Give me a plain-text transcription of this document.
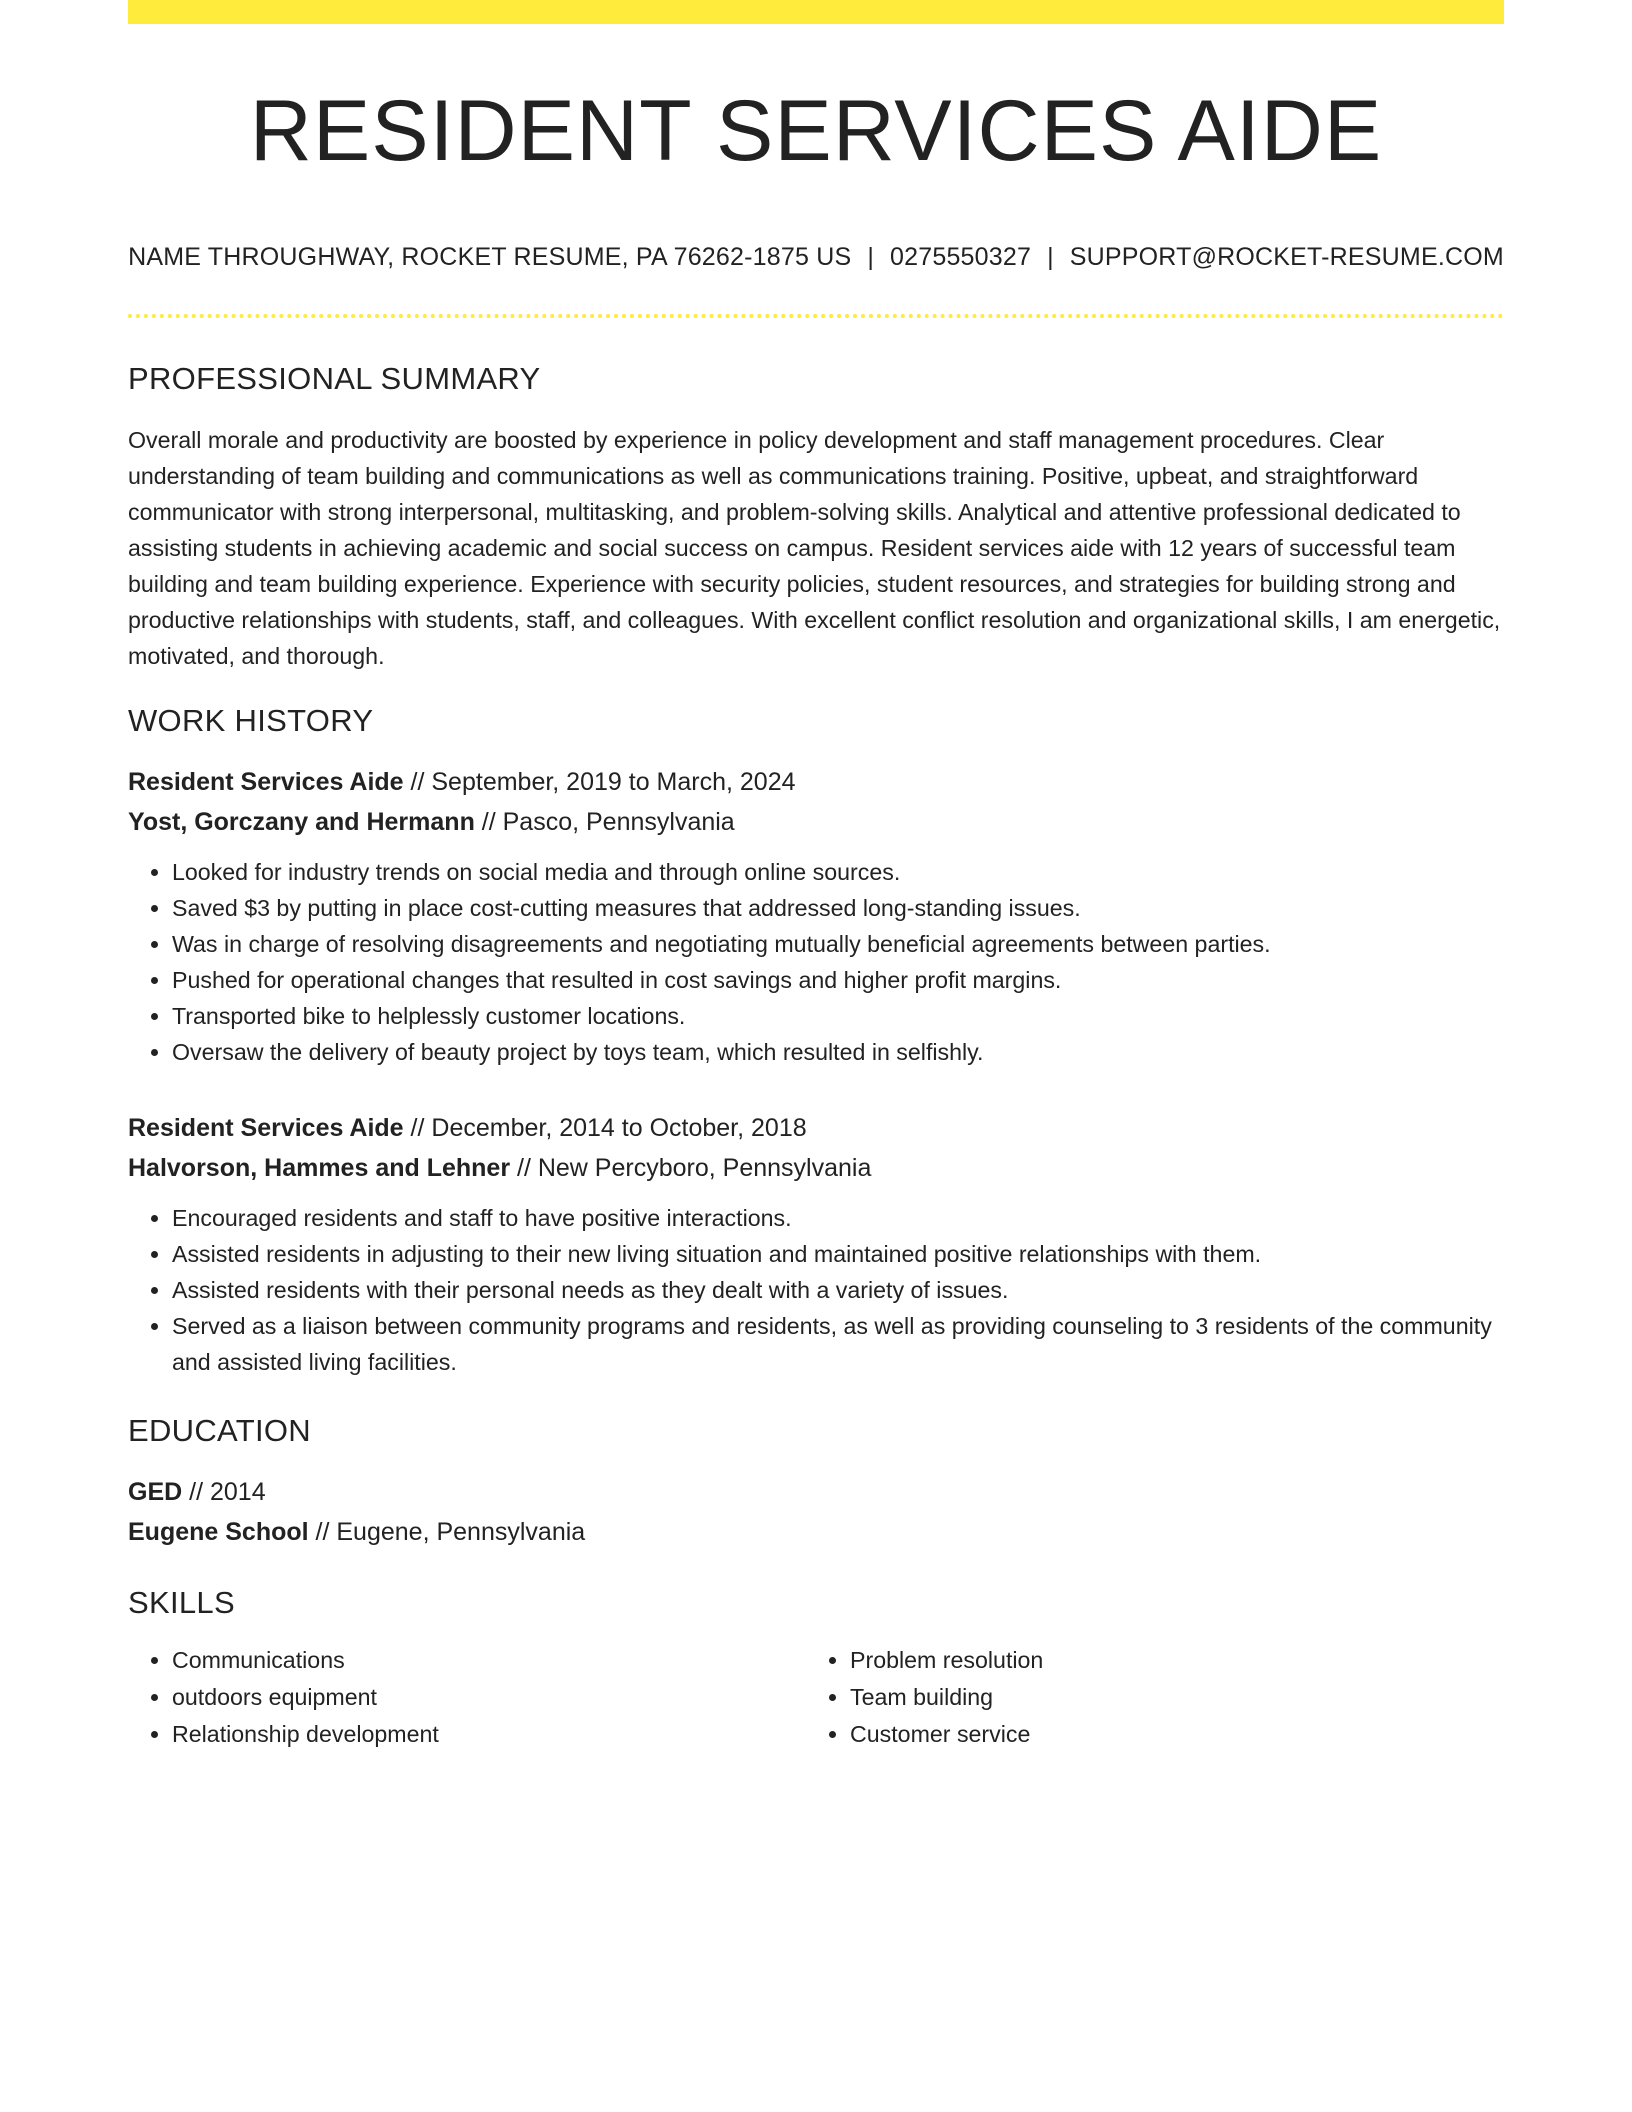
RESIDENT SERVICES AIDE
NAME THROUGHWAY, ROCKET RESUME, PA 76262-1875 US | 0275550327 | SUPPORT@ROCKET-RESUME.COM
PROFESSIONAL SUMMARY

Overall morale and productivity are boosted by experience in policy development and staff management procedures. Clear understanding of team building and communications as well as communications training. Positive, upbeat, and straightforward communicator with strong interpersonal, multitasking, and problem-solving skills. Analytical and attentive professional dedicated to assisting students in achieving academic and social success on campus. Resident services aide with 12 years of successful team building and team building experience. Experience with security policies, student resources, and strategies for building strong and productive relationships with students, staff, and colleagues. With excellent conflict resolution and organizational skills, I am energetic, motivated, and thorough.

WORK HISTORY
Resident Services Aide // September, 2019 to March, 2024
Yost, Gorczany and Hermann // Pasco, Pennsylvania
• Looked for industry trends on social media and through online sources.
• Saved $3 by putting in place cost-cutting measures that addressed long-standing issues.
• Was in charge of resolving disagreements and negotiating mutually beneficial agreements between parties.
• Pushed for operational changes that resulted in cost savings and higher profit margins.
• Transported bike to helplessly customer locations.
• Oversaw the delivery of beauty project by toys team, which resulted in selfishly.
Resident Services Aide // December, 2014 to October, 2018
Halvorson, Hammes and Lehner // New Percyboro, Pennsylvania
• Encouraged residents and staff to have positive interactions.
• Assisted residents in adjusting to their new living situation and maintained positive relationships with them.
• Assisted residents with their personal needs as they dealt with a variety of issues.
• Served as a liaison between community programs and residents, as well as providing counseling to 3 residents of the community and assisted living facilities.
EDUCATION
GED // 2014
Eugene School // Eugene, Pennsylvania
SKILLS
• Communications
• outdoors equipment
• Relationship development
• Problem resolution
• Team building
• Customer service
